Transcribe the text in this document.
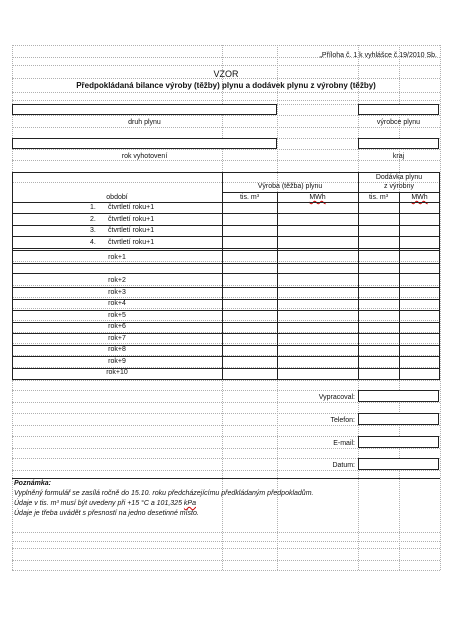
„Příloha č. 1 k vyhlášce č.19/2010 Sb.
VZOR
Předpokládaná bilance výroby (těžby) plynu a dodávek plynu z výrobny (těžby)
druh plynu	výrobce plynu
rok vyhotovení	kraj
období
Výroba (těžba) plynu
Dodávka plynu
z výrobny
tis. m³	MWh	tis. m³	MWh
1. čtvrtletí roku+1
2. čtvrtletí roku+1
3. čtvrtletí roku+1
4. čtvrtletí roku+1
rok+1
rok+2
rok+3
rok+4
rok+5
rok+6
rok+7
rok+8
rok+9
rok+10
Vypracoval:
Telefon:
E-mail:
Datum:
Poznámka:
Vyplněný formulář se zasílá ročně do 15.10. roku předcházejícímu předkládaným předpokladům.
Údaje v tis. m³ musí být uvedeny při +15 °C a 101,325 kPa
Údaje je třeba uvádět s přesností na jedno desetinné místo.
